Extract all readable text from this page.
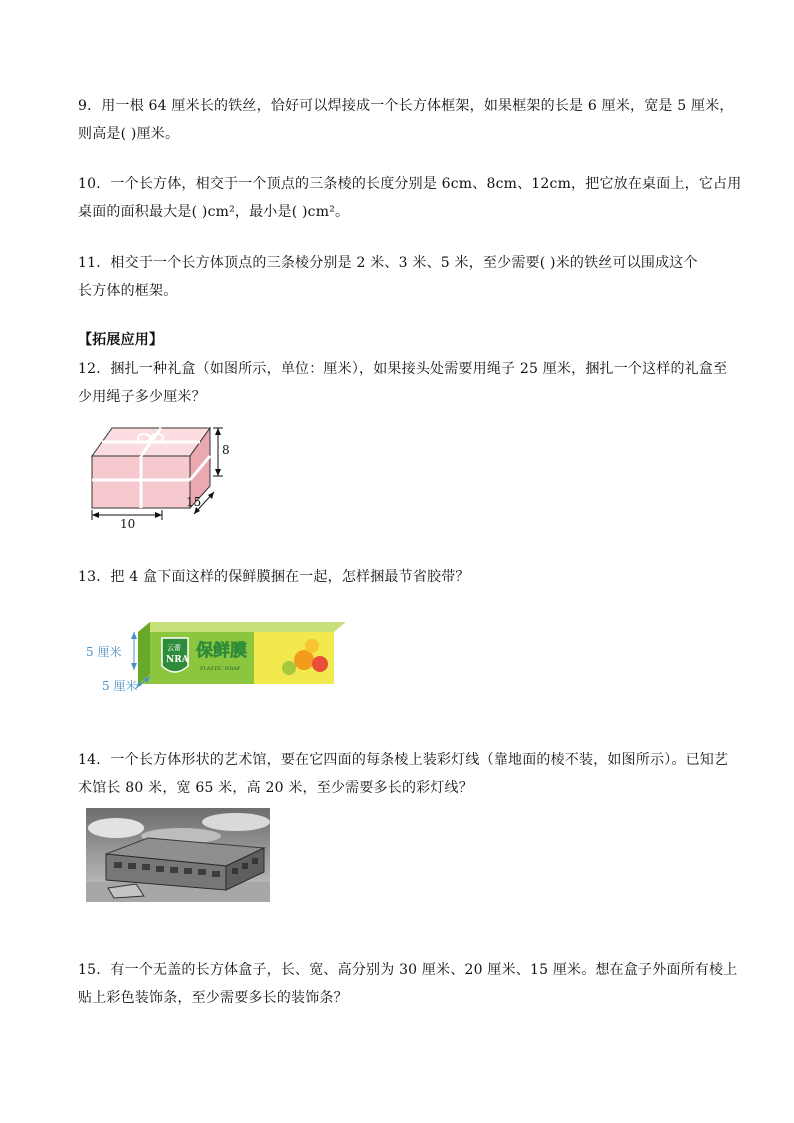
9．用一根 64 厘米长的铁丝，恰好可以焊接成一个长方体框架，如果框架的长是 6 厘米，宽是 5 厘米，
则高是( )厘米。
10．一个长方体，相交于一个顶点的三条棱的长度分别是 6cm、8cm、12cm，把它放在桌面上，它占用
桌面的面积最大是( )cm²，最小是( )cm²。
11．相交于一个长方体顶点的三条棱分别是 2 米、3 米、5 米，至少需要( )米的铁丝可以围成这个
长方体的框架。
【拓展应用】
12．捆扎一种礼盒（如图所示，单位：厘米），如果接头处需要用绳子 25 厘米，捆扎一个这样的礼盒至
少用绳子多少厘米？
8
15
10
13．把 4 盒下面这样的保鲜膜捆在一起，怎样捆最节省胶带？
云蕾
NRA 保鲜膜
PLASTIC WRAP
5 厘米
5 厘米
14．一个长方体形状的艺术馆，要在它四面的每条棱上装彩灯线（靠地面的棱不装，如图所示）。已知艺
术馆长 80 米，宽 65 米，高 20 米，至少需要多长的彩灯线？
15．有一个无盖的长方体盒子，长、宽、高分别为 30 厘米、20 厘米、15 厘米。想在盒子外面所有棱上
贴上彩色装饰条，至少需要多长的装饰条？
